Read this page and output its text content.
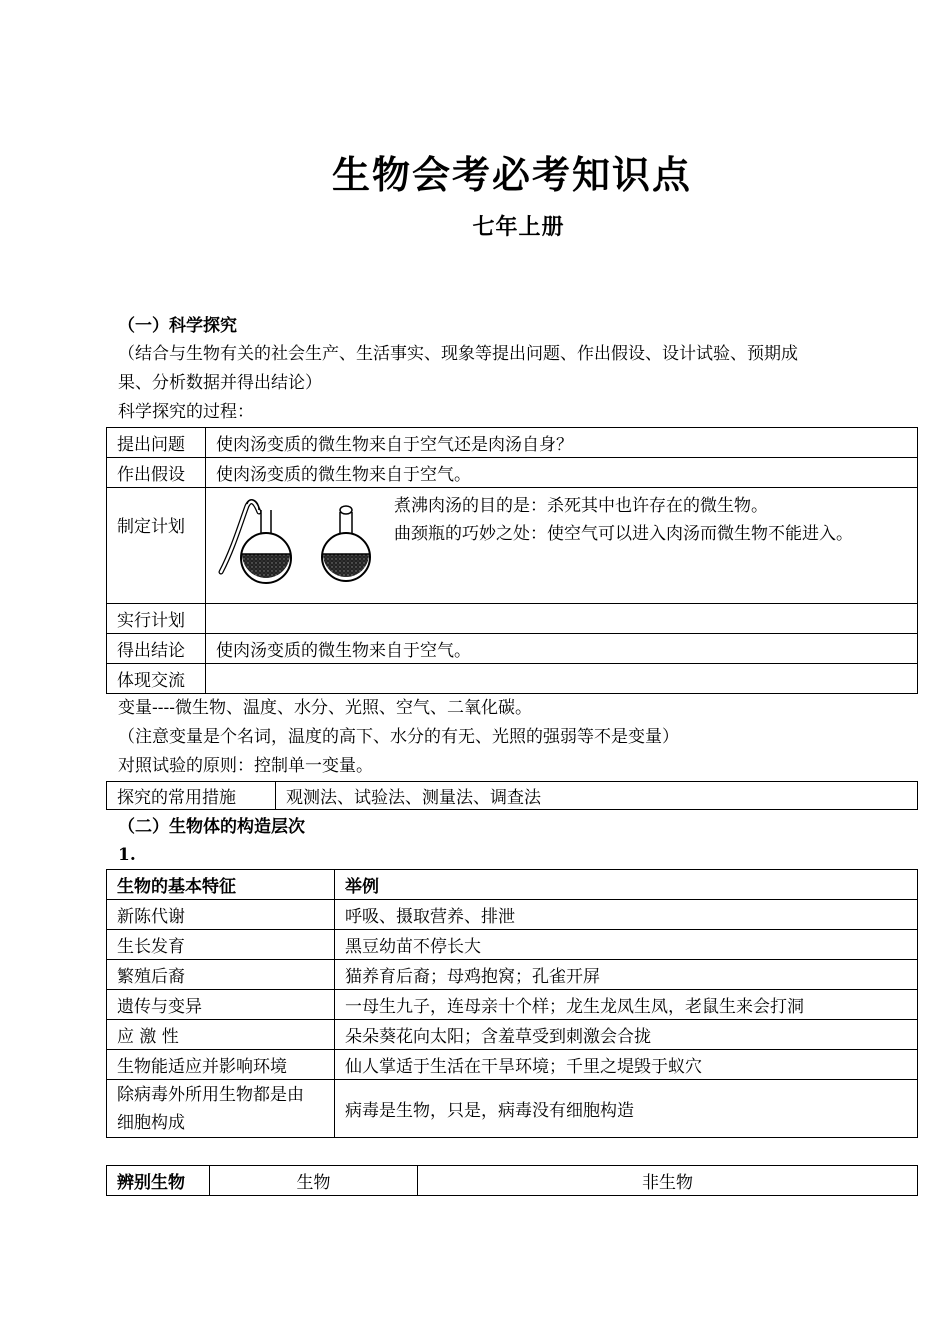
生物会考必考知识点
七年上册
（一）科学探究
（结合与生物有关的社会生产、生活事实、现象等提出问题、作出假设、设计试验、预期成
果、分析数据并得出结论）
科学探究的过程：
提出问题	使肉汤变质的微生物来自于空气还是肉汤自身？
作出假设	使肉汤变质的微生物来自于空气。
制定计划	煮沸肉汤的目的是：杀死其中也许存在的微生物。
曲颈瓶的巧妙之处：使空气可以进入肉汤而微生物不能进入。

实行计划	
得出结论	使肉汤变质的微生物来自于空气。
体现交流	
变量----微生物、温度、水分、光照、空气、二氧化碳。
（注意变量是个名词，温度的高下、水分的有无、光照的强弱等不是变量）
对照试验的原则：控制单一变量。
探究的常用措施	观测法、试验法、测量法、调查法
（二）生物体的构造层次
1.
生物的基本特征	举例
新陈代谢	呼吸、摄取营养、排泄
生长发育	黑豆幼苗不停长大
繁殖后裔	猫养育后裔；母鸡抱窝；孔雀开屏
遗传与变异	一母生九子，连母亲十个样；龙生龙凤生凤，老鼠生来会打洞
应 激 性	朵朵葵花向太阳；含羞草受到刺激会合拢
生物能适应并影响环境	仙人掌适于生活在干旱环境；千里之堤毁于蚁穴
除病毒外所用生物都是由细胞构成	病毒是生物，只是，病毒没有细胞构造
辨别生物	生物	非生物
